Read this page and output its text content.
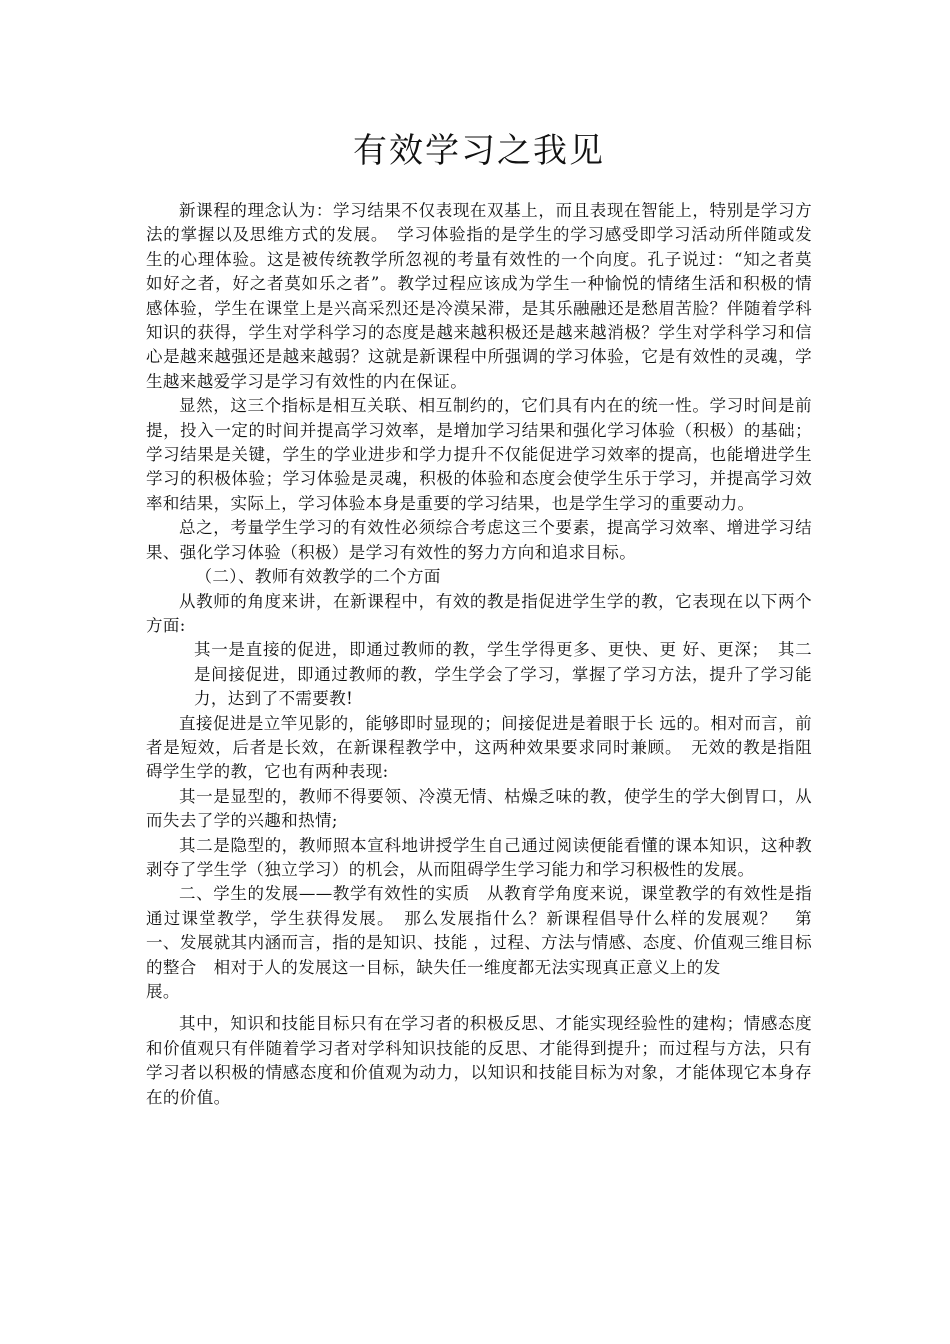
有效学习之我见

新课程的理念认为：学习结果不仅表现在双基上，而且表现在智能上，特别是学习方法的掌握以及思维方式的发展。　学习体验指的是学生的学习感受即学习活动所伴随或发生的心理体验。这是被传统教学所忽视的考量有效性的一个向度。孔子说过：“知之者莫如好之者，好之者莫如乐之者”。教学过程应该成为学生一种愉悦的情绪生活和积极的情感体验，学生在课堂上是兴高采烈还是冷漠呆滞，是其乐融融还是愁眉苦脸？伴随着学科知识的获得，学生对学科学习的态度是越来越积极还是越来越消极？学生对学科学习和信心是越来越强还是越来越弱？这就是新课程中所强调的学习体验，它是有效性的灵魂，学生越来越爱学习是学习有效性的内在保证。

显然，这三个指标是相互关联、相互制约的，它们具有内在的统一性。学习时间是前提，投入一定的时间并提高学习效率，是增加学习结果和强化学习体验（积极）的基础；学习结果是关键，学生的学业进步和学力提升不仅能促进学习效率的提高，也能增进学生学习的积极体验；学习体验是灵魂，积极的体验和态度会使学生乐于学习，并提高学习效率和结果，实际上，学习体验本身是重要的学习结果，也是学生学习的重要动力。

总之，考量学生学习的有效性必须综合考虑这三个要素，提高学习效率、增进学习结果、强化学习体验（积极）是学习有效性的努力方向和追求目标。

（二）、教师有效教学的二个方面

从教师的角度来讲，在新课程中，有效的教是指促进学生学的教，它表现在以下两个方面:

其一是直接的促进，即通过教师的教，学生学得更多、更快、更 好、更深；　其二是间接促进，即通过教师的教，学生学会了学习，掌握了学习方法，提升了学习能力，达到了不需要教!

直接促进是立竿见影的，能够即时显现的；间接促进是着眼于长 远的。相对而言，前者是短效，后者是长效，在新课程教学中，这两种效果要求同时兼顾。　无效的教是指阻碍学生学的教，它也有两种表现:

其一是显型的，教师不得要领、冷漠无情、枯燥乏味的教，使学生的学大倒胃口，从而失去了学的兴趣和热情;

其二是隐型的，教师照本宣科地讲授学生自己通过阅读便能看懂的课本知识，这种教剥夺了学生学（独立学习）的机会，从而阻碍学生学习能力和学习积极性的发展。

二、学生的发展——教学有效性的实质　从教育学角度来说，课堂教学的有效性是指通过课堂教学，学生获得发展。　那么发展指什么？新课程倡导什么样的发展观？　第一、发展就其内涵而言，指的是知识、技能 ，过程、方法与情感、态度、价值观三维目标的整合　相对于人的发展这一目标，缺失任一维度都无法实现真正意义上的发

展。

其中，知识和技能目标只有在学习者的积极反思、才能实现经验性的建构；情感态度和价值观只有伴随着学习者对学科知识技能的反思、才能得到提升；而过程与方法，只有学习者以积极的情感态度和价值观为动力，以知识和技能目标为对象，才能体现它本身存在的价值。
